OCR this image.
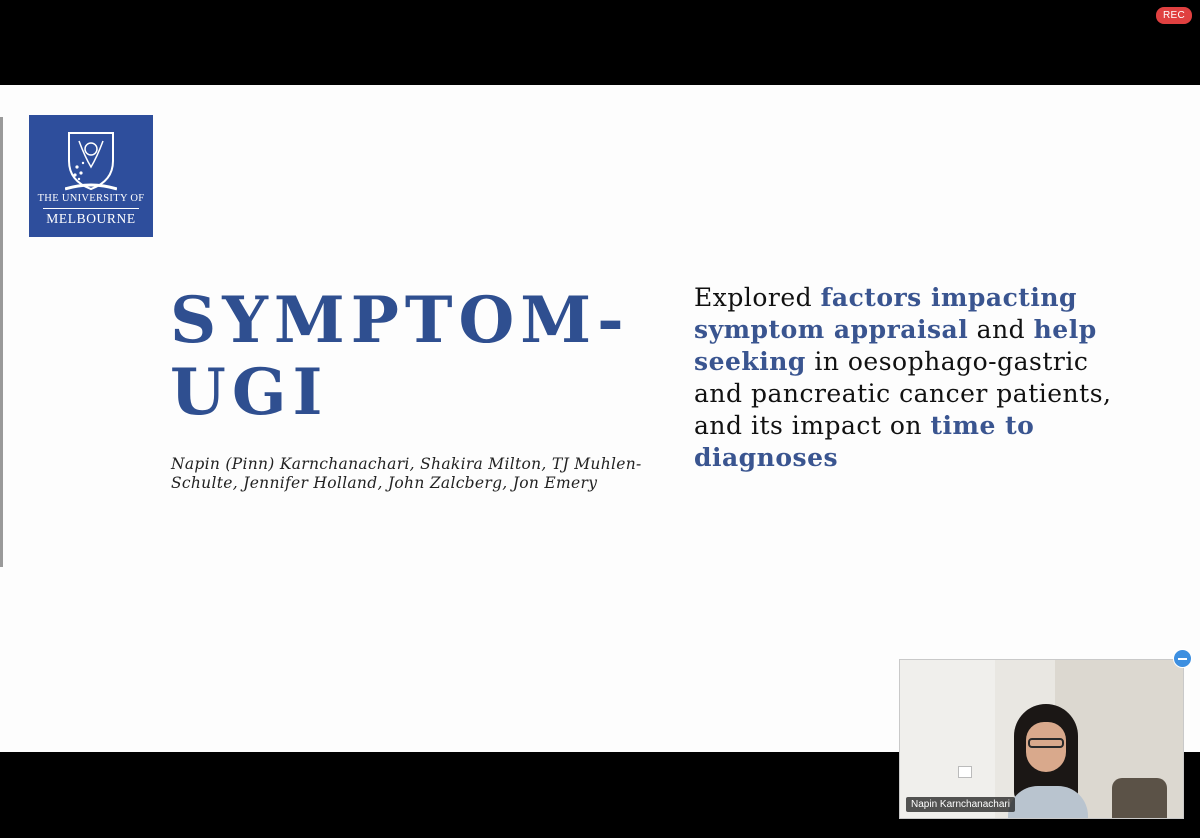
REC
THE UNIVERSITY OF
MELBOURNE
SYMPTOM-
UGI
Napin (Pinn) Karnchanachari, Shakira Milton, TJ Muhlen-Schulte, Jennifer Holland, John Zalcberg, Jon Emery
Explored factors impacting symptom appraisal and help seeking in oesophago-gastric and pancreatic cancer patients, and its impact on time to diagnoses
Napin Karnchanachari
